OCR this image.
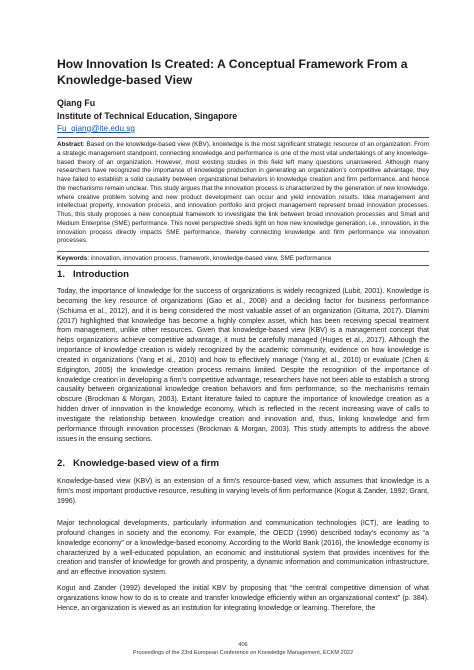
How Innovation Is Created: A Conceptual Framework From a Knowledge-based View
Qiang Fu
Institute of Technical Education, Singapore
Fu_qiang@ite.edu.sg

Abstract: Based on the knowledge-based view (KBV), knowledge is the most significant strategic resource of an organization. From a strategic management standpoint, connecting knowledge and performance is one of the most vital undertakings of any knowledge-based theory of an organization. However, most existing studies in this field left many questions unanswered. Although many researchers have recognized the importance of knowledge production in generating an organization’s competitive advantage, they have failed to establish a solid causality between organizational behaviors in knowledge creation and firm performance, and hence the mechanisms remain unclear. This study argues that the innovation process is characterized by the generation of new knowledge, where creative problem solving and new product development can occur and yield innovation results. Idea management and intellectual property, innovation process, and innovation portfolio and project management represent broad innovation processes. Thus, this study proposes a new conceptual framework to investigate the link between broad innovation processes and Small and Medium Enterprise (SME) performance. This novel perspective sheds light on how new knowledge generation, i.e., innovation, in the innovation process directly impacts SME performance, thereby connecting knowledge and firm performance via innovation processes.

Keywords: innovation, innovation process, framework, knowledge-based view, SME performance
1. Introduction

Today, the importance of knowledge for the success of organizations is widely recognized (Lubit, 2001). Knowledge is becoming the key resource of organizations (Gao et al., 2008) and a deciding factor for business performance (Schiuma et al., 2012), and it is being considered the most valuable asset of an organization (Gituma, 2017). Dlamini (2017) highlighted that knowledge has become a highly complex asset, which has been receiving special treatment from management, unlike other resources. Given that knowledge-based view (KBV) is a management concept that helps organizations achieve competitive advantage, it must be carefully managed (Huges et al., 2017). Although the importance of knowledge creation is widely recognized by the academic community, evidence on how knowledge is created in organizations (Yang et al., 2010) and how to effectively manage (Yang et al., 2010) or evaluate (Chen & Edgington, 2005) the knowledge creation process remains limited. Despite the recognition of the importance of knowledge creation in developing a firm’s competitive advantage, researchers have not been able to establish a strong causality between organizational knowledge creation behaviors and firm performance, so the mechanisms remain obscure (Brockman & Morgan, 2003). Extant literature failed to capture the importance of knowledge creation as a hidden driver of innovation in the knowledge economy, which is reflected in the recent increasing wave of calls to investigate the relationship between knowledge creation and innovation and, thus, linking knowledge and firm performance through innovation processes (Brockman & Morgan, 2003). This study attempts to address the above issues in the ensuing sections.

2. Knowledge-based view of a firm

Knowledge-based view (KBV) is an extension of a firm’s resource-based view, which assumes that knowledge is a firm’s most important productive resource, resulting in varying levels of firm performance (Kogut & Zander, 1992; Grant, 1996).

Major technological developments, particularly information and communication technologies (ICT), are leading to profound changes in society and the economy. For example, the OECD (1996) described today’s economy as “a knowledge economy” or a knowledge-based economy. According to the World Bank (2016), the knowledge economy is characterized by a well-educated population, an economic and institutional system that provides incentives for the creation and transfer of knowledge for growth and prosperity, a dynamic information and communication infrastructure, and an effective innovation system.

Kogut and Zander (1992) developed the initial KBV by proposing that “the central competitive dimension of what organizations know how to do is to create and transfer knowledge efficiently within an organizational context” (p. 384). Hence, an organization is viewed as an institution for integrating knowledge or learning. Therefore, the

406
Proceedings of the 23rd European Conference on Knowledge Management, ECKM 2022
